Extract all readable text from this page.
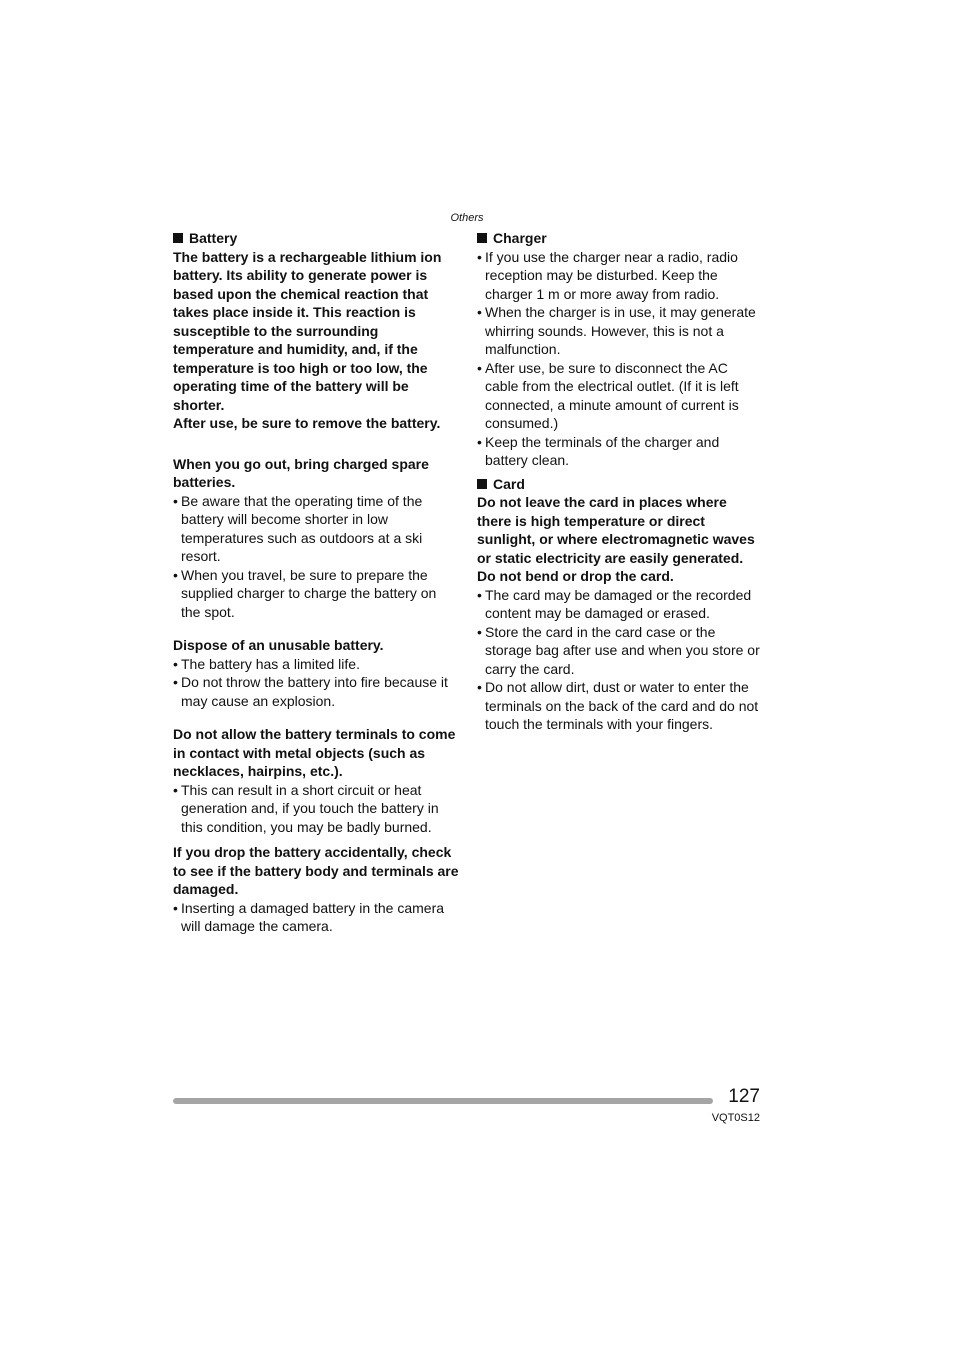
Others

Battery

The battery is a rechargeable lithium ion battery. Its ability to generate power is based upon the chemical reaction that takes place inside it. This reaction is susceptible to the surrounding temperature and humidity, and, if the temperature is too high or too low, the operating time of the battery will be shorter.

After use, be sure to remove the battery.

When you go out, bring charged spare batteries.

• Be aware that the operating time of the battery will become shorter in low temperatures such as outdoors at a ski resort.
• When you travel, be sure to prepare the supplied charger to charge the battery on the spot.

Dispose of an unusable battery.

• The battery has a limited life.
• Do not throw the battery into fire because it may cause an explosion.

Do not allow the battery terminals to come in contact with metal objects (such as necklaces, hairpins, etc.).

• This can result in a short circuit or heat generation and, if you touch the battery in this condition, you may be badly burned.

If you drop the battery accidentally, check to see if the battery body and terminals are damaged.

• Inserting a damaged battery in the camera will damage the camera.

Charger

• If you use the charger near a radio, radio reception may be disturbed. Keep the charger 1 m or more away from radio.
• When the charger is in use, it may generate whirring sounds. However, this is not a malfunction.
• After use, be sure to disconnect the AC cable from the electrical outlet. (If it is left connected, a minute amount of current is consumed.)
• Keep the terminals of the charger and battery clean.

Card

Do not leave the card in places where there is high temperature or direct sunlight, or where electromagnetic waves or static electricity are easily generated.

Do not bend or drop the card.

• The card may be damaged or the recorded content may be damaged or erased.
• Store the card in the card case or the storage bag after use and when you store or carry the card.
• Do not allow dirt, dust or water to enter the terminals on the back of the card and do not touch the terminals with your fingers.
127
VQT0S12
